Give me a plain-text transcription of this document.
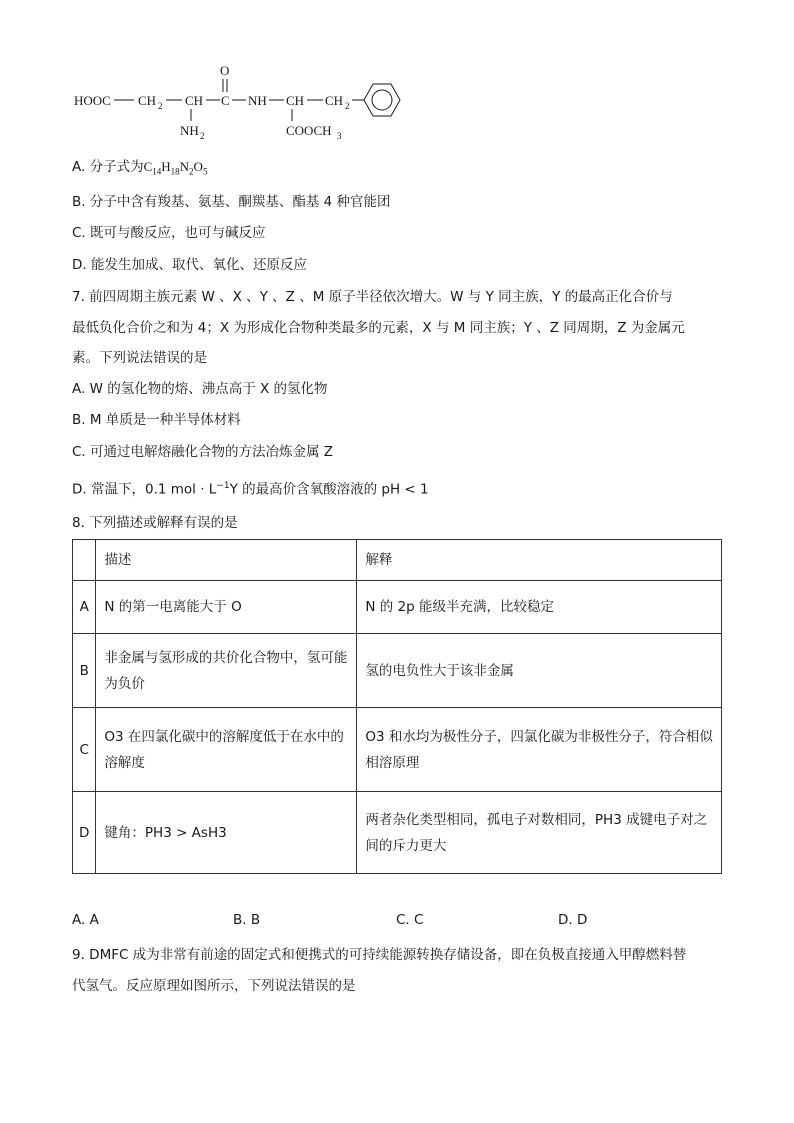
HOOC CH 2 CH
NH 2
C
O
NH CH
COOCH 3
CH 2
A. 分子式为$C_{14}H_{18}N_2O_5$
B. 分子中含有羧基、氨基、酮羰基、酯基 4 种官能团
C. 既可与酸反应，也可与碱反应
D. 能发生加成、取代、氧化、还原反应
7. 前四周期主族元素 W 、X 、Y 、Z 、M 原子半径依次增大。W 与 Y 同主族，Y 的最高正化合价与
最低负化合价之和为 4；X 为形成化合物种类最多的元素，X 与 M 同主族；Y 、Z 同周期，Z 为金属元
素。下列说法错误的是
A. W 的氢化物的熔、沸点高于 X 的氢化物
B. M 单质是一种半导体材料
C. 可通过电解熔融化合物的方法冶炼金属 Z
D. 常温下，0.1 mol · $L^{-1}Y$ 的最高价含氧酸溶液的 pH < 1
8. 下列描述或解释有误的是
	描述	解释
A	N 的第一电离能大于 O	N 的 2p 能级半充满，比较稳定
B	非金属与氢形成的共价化合物中，氢可能为负价	氢的电负性大于该非金属
C	O3 在四氯化碳中的溶解度低于在水中的溶解度	O3 和水均为极性分子，四氯化碳为非极性分子，符合相似相溶原理
D	键角：PH3 > AsH3	两者杂化类型相同，孤电子对数相同，PH3 成键电子对之间的斥力更大
A. A	B. B	C. C	D. D
9. DMFC 成为非常有前途的固定式和便携式的可持续能源转换存储设备，即在负极直接通入甲醇燃料替
代氢气。反应原理如图所示，下列说法错误的是
